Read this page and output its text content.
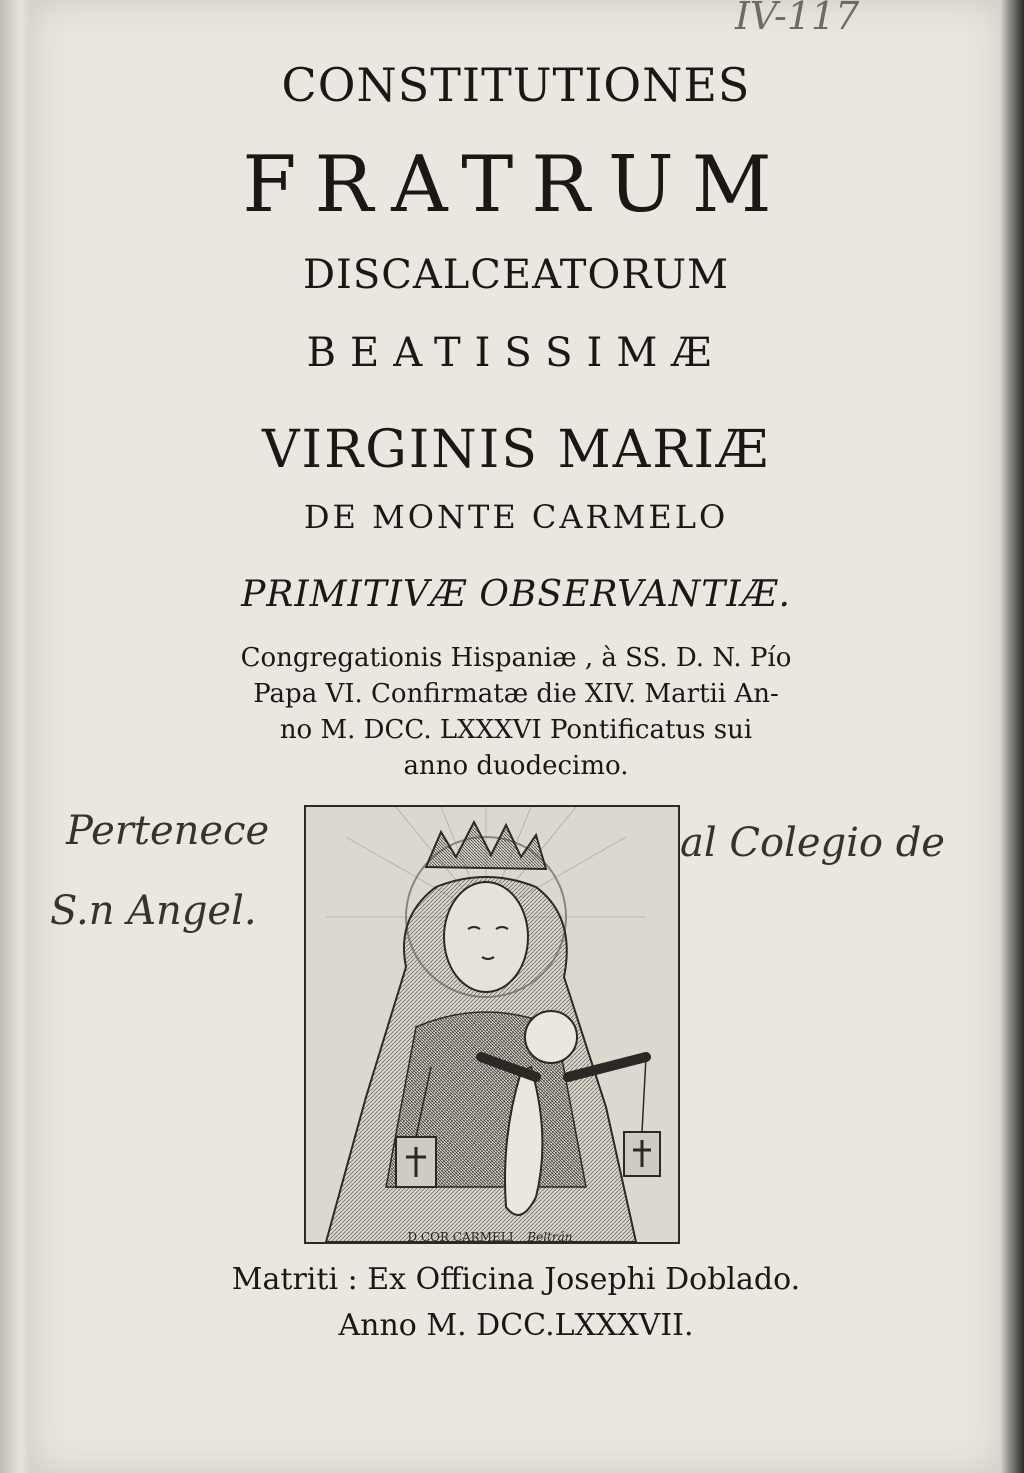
IV-117
CONSTITUTIONES
FRATRUM
DISCALCEATORUM
BEATISSIMÆ
VIRGINIS MARIÆ
DE MONTE CARMELO
PRIMITIVÆ OBSERVANTIÆ.
Congregationis Hispaniæ , à SS. D. N. Pío
Papa VI. Confirmatæ die XIV. Martii An-
no M. DCC. LXXXVI Pontificatus sui
anno duodecimo.
Pertenece
S.n Angel.
al Colegio de
D COR CARMELI Beltrán
Matriti : Ex Officina Josephi Doblado.
Anno M. DCC.LXXXVII.
